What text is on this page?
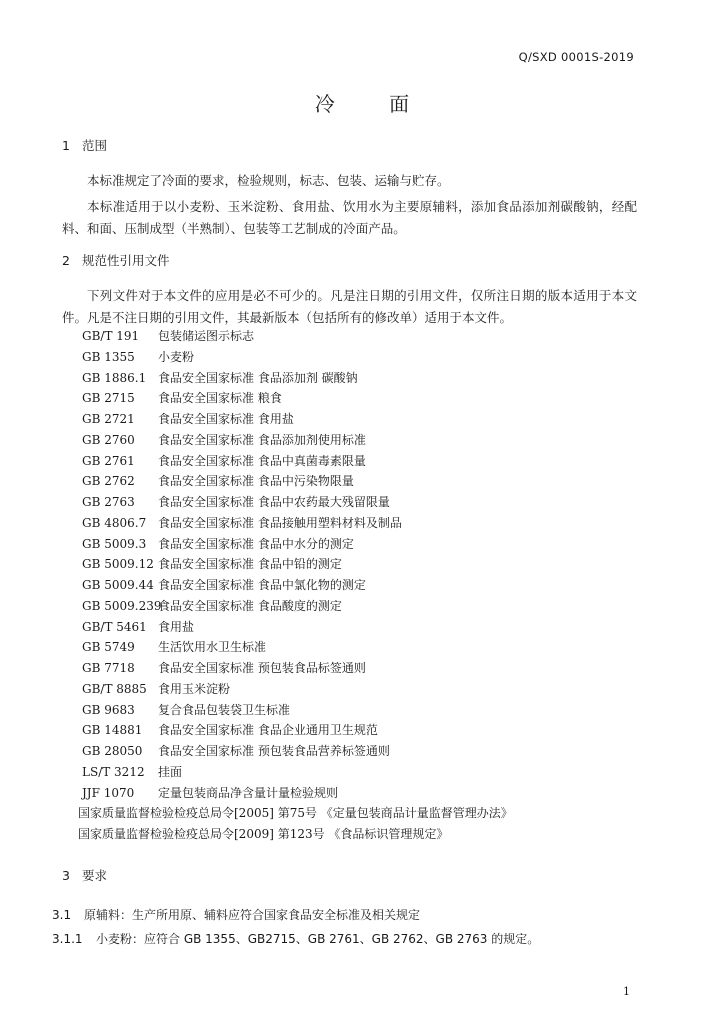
Q/SXD 0001S-2019
冷 面
1 范围
本标准规定了冷面的要求，检验规则，标志、包装、运输与贮存。
本标准适用于以小麦粉、玉米淀粉、食用盐、饮用水为主要原辅料，添加食品添加剂碳酸钠，经配料、和面、压制成型（半熟制）、包装等工艺制成的冷面产品。
2 规范性引用文件
下列文件对于本文件的应用是必不可少的。凡是注日期的引用文件，仅所注日期的版本适用于本文件。凡是不注日期的引用文件，其最新版本（包括所有的修改单）适用于本文件。
GB/T 191 包装储运图示标志
GB 1355 小麦粉
GB 1886.1 食品安全国家标准 食品添加剂 碳酸钠
GB 2715 食品安全国家标准 粮食
GB 2721 食品安全国家标准 食用盐
GB 2760 食品安全国家标准 食品添加剂使用标准
GB 2761 食品安全国家标准 食品中真菌毒素限量
GB 2762 食品安全国家标准 食品中污染物限量
GB 2763 食品安全国家标准 食品中农药最大残留限量
GB 4806.7 食品安全国家标准 食品接触用塑料材料及制品
GB 5009.3 食品安全国家标准 食品中水分的测定
GB 5009.12 食品安全国家标准 食品中铅的测定
GB 5009.44 食品安全国家标准 食品中氯化物的测定
GB 5009.239食品安全国家标准 食品酸度的测定
GB/T 5461 食用盐
GB 5749 生活饮用水卫生标准
GB 7718 食品安全国家标准 预包装食品标签通则
GB/T 8885 食用玉米淀粉
GB 9683 复合食品包装袋卫生标准
GB 14881 食品安全国家标准 食品企业通用卫生规范
GB 28050 食品安全国家标准 预包装食品营养标签通则
LS/T 3212 挂面
JJF 1070 定量包装商品净含量计量检验规则
国家质量监督检验检疫总局令[2005] 第75号 《定量包装商品计量监督管理办法》
国家质量监督检验检疫总局令[2009] 第123号 《食品标识管理规定》
3 要求
3.1 原辅料：生产所用原、辅料应符合国家食品安全标准及相关规定
3.1.1 小麦粉：应符合 GB 1355、GB2715、GB 2761、GB 2762、GB 2763 的规定。
1
